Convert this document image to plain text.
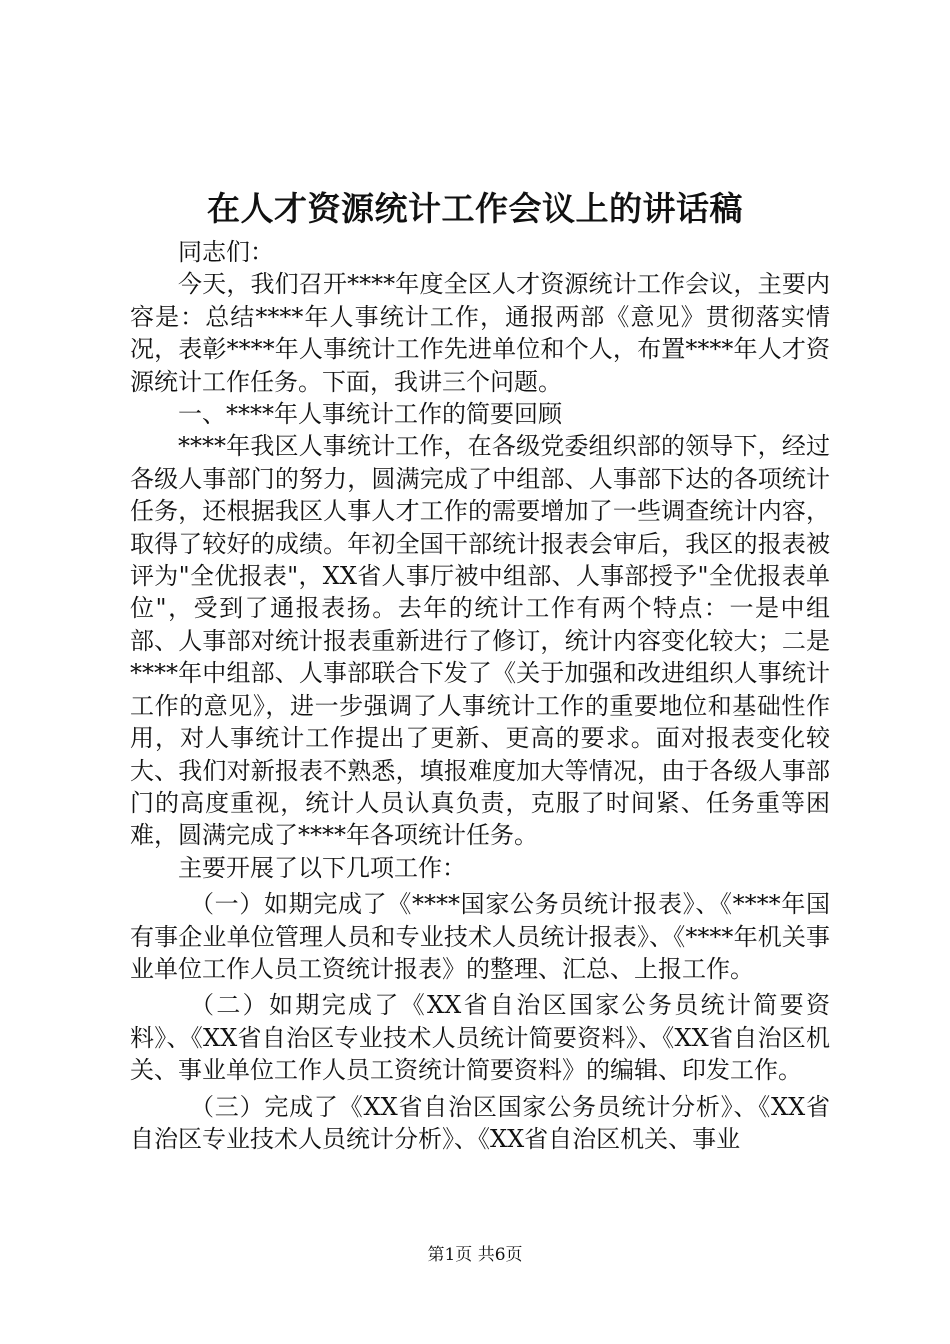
在人才资源统计工作会议上的讲话稿

同志们：

今天，我们召开****年度全区人才资源统计工作会议，主要内容是：总结****年人事统计工作，通报两部《意见》贯彻落实情况，表彰****年人事统计工作先进单位和个人，布置****年人才资源统计工作任务。下面，我讲三个问题。

一、****年人事统计工作的简要回顾

****年我区人事统计工作，在各级党委组织部的领导下，经过各级人事部门的努力，圆满完成了中组部、人事部下达的各项统计任务，还根据我区人事人才工作的需要增加了一些调查统计内容，取得了较好的成绩。年初全国干部统计报表会审后，我区的报表被评为"全优报表"，XX省人事厅被中组部、人事部授予"全优报表单位"，受到了通报表扬。去年的统计工作有两个特点：一是中组部、人事部对统计报表重新进行了修订，统计内容变化较大；二是****年中组部、人事部联合下发了《关于加强和改进组织人事统计工作的意见》，进一步强调了人事统计工作的重要地位和基础性作用，对人事统计工作提出了更新、更高的要求。面对报表变化较大、我们对新报表不熟悉，填报难度加大等情况，由于各级人事部门的高度重视，统计人员认真负责，克服了时间紧、任务重等困难，圆满完成了****年各项统计任务。

主要开展了以下几项工作：

（一）如期完成了《****国家公务员统计报表》、《****年国有事企业单位管理人员和专业技术人员统计报表》、《****年机关事业单位工作人员工资统计报表》的整理、汇总、上报工作。

（二）如期完成了《XX省自治区国家公务员统计简要资料》、《XX省自治区专业技术人员统计简要资料》、《XX省自治区机关、事业单位工作人员工资统计简要资料》的编辑、印发工作。

（三）完成了《XX省自治区国家公务员统计分析》、《XX省自治区专业技术人员统计分析》、《XX省自治区机关、事业

第1页 共6页
